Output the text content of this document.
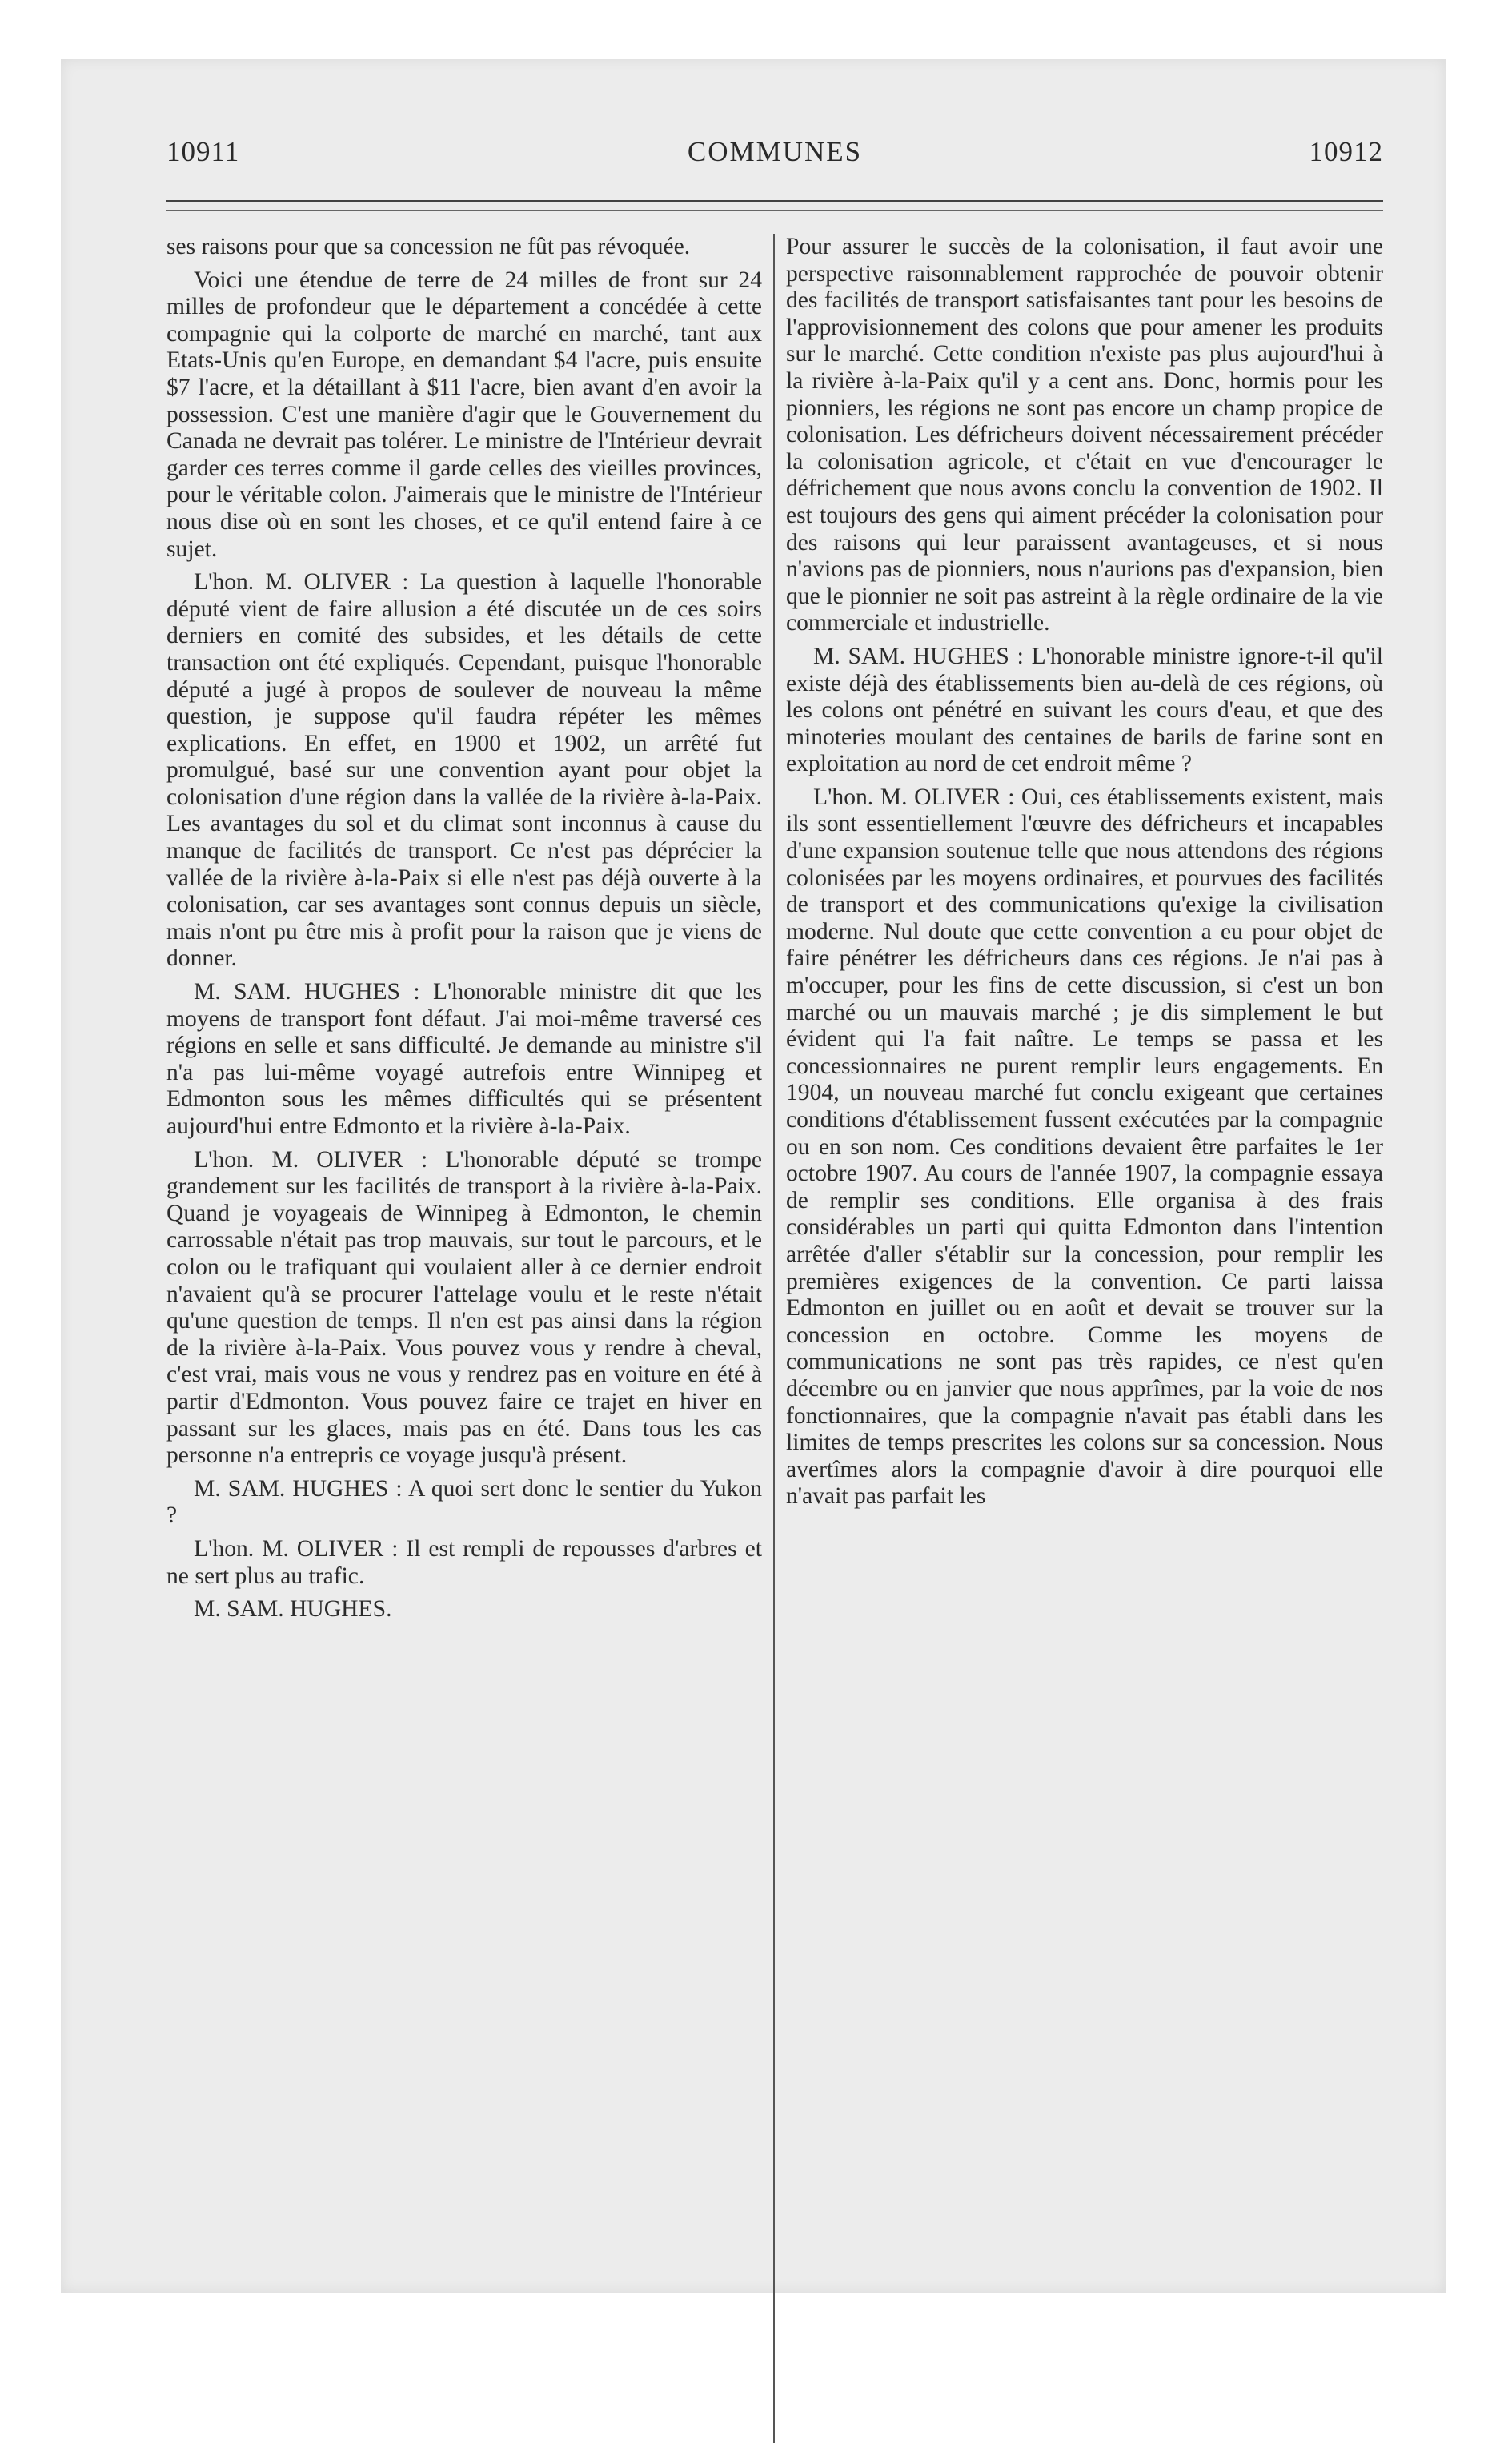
10911	COMMUNES	10912

ses raisons pour que sa concession ne fût pas révoquée.

Voici une étendue de terre de 24 milles de front sur 24 milles de profondeur que le département a concédée à cette compagnie qui la colporte de marché en marché, tant aux Etats-Unis qu'en Europe, en demandant $4 l'acre, puis ensuite $7 l'acre, et la détaillant à $11 l'acre, bien avant d'en avoir la possession. C'est une manière d'agir que le Gouvernement du Canada ne devrait pas tolérer. Le ministre de l'Intérieur devrait garder ces terres comme il garde celles des vieilles provinces, pour le véritable colon. J'aimerais que le ministre de l'Intérieur nous dise où en sont les choses, et ce qu'il entend faire à ce sujet.

L'hon. M. OLIVER : La question à laquelle l'honorable député vient de faire allusion a été discutée un de ces soirs derniers en comité des subsides, et les détails de cette transaction ont été expliqués. Cependant, puisque l'honorable député a jugé à propos de soulever de nouveau la même question, je suppose qu'il faudra répéter les mêmes explications. En effet, en 1900 et 1902, un arrêté fut promulgué, basé sur une convention ayant pour objet la colonisation d'une région dans la vallée de la rivière à-la-Paix. Les avantages du sol et du climat sont inconnus à cause du manque de facilités de transport. Ce n'est pas déprécier la vallée de la rivière à-la-Paix si elle n'est pas déjà ouverte à la colonisation, car ses avantages sont connus depuis un siècle, mais n'ont pu être mis à profit pour la raison que je viens de donner.

M. SAM. HUGHES : L'honorable ministre dit que les moyens de transport font défaut. J'ai moi-même traversé ces régions en selle et sans difficulté. Je demande au ministre s'il n'a pas lui-même voyagé autrefois entre Winnipeg et Edmonton sous les mêmes difficultés qui se présentent aujourd'hui entre Edmonto et la rivière à-la-Paix.

L'hon. M. OLIVER : L'honorable député se trompe grandement sur les facilités de transport à la rivière à-la-Paix. Quand je voyageais de Winnipeg à Edmonton, le chemin carrossable n'était pas trop mauvais, sur tout le parcours, et le colon ou le trafiquant qui voulaient aller à ce dernier endroit n'avaient qu'à se procurer l'attelage voulu et le reste n'était qu'une question de temps. Il n'en est pas ainsi dans la région de la rivière à-la-Paix. Vous pouvez vous y rendre à cheval, c'est vrai, mais vous ne vous y rendrez pas en voiture en été à partir d'Edmonton. Vous pouvez faire ce trajet en hiver en passant sur les glaces, mais pas en été. Dans tous les cas personne n'a entrepris ce voyage jusqu'à présent.

M. SAM. HUGHES : A quoi sert donc le sentier du Yukon ?

L'hon. M. OLIVER : Il est rempli de repousses d'arbres et ne sert plus au trafic.

M. SAM. HUGHES.

Pour assurer le succès de la colonisation, il faut avoir une perspective raisonnablement rapprochée de pouvoir obtenir des facilités de transport satisfaisantes tant pour les besoins de l'approvisionnement des colons que pour amener les produits sur le marché. Cette condition n'existe pas plus aujourd'hui à la rivière à-la-Paix qu'il y a cent ans. Donc, hormis pour les pionniers, les régions ne sont pas encore un champ propice de colonisation. Les défricheurs doivent nécessairement précéder la colonisation agricole, et c'était en vue d'encourager le défrichement que nous avons conclu la convention de 1902. Il est toujours des gens qui aiment précéder la colonisation pour des raisons qui leur paraissent avantageuses, et si nous n'avions pas de pionniers, nous n'aurions pas d'expansion, bien que le pionnier ne soit pas astreint à la règle ordinaire de la vie commerciale et industrielle.

M. SAM. HUGHES : L'honorable ministre ignore-t-il qu'il existe déjà des établissements bien au-delà de ces régions, où les colons ont pénétré en suivant les cours d'eau, et que des minoteries moulant des centaines de barils de farine sont en exploitation au nord de cet endroit même ?

L'hon. M. OLIVER : Oui, ces établissements existent, mais ils sont essentiellement l'œuvre des défricheurs et incapables d'une expansion soutenue telle que nous attendons des régions colonisées par les moyens ordinaires, et pourvues des facilités de transport et des communications qu'exige la civilisation moderne. Nul doute que cette convention a eu pour objet de faire pénétrer les défricheurs dans ces régions. Je n'ai pas à m'occuper, pour les fins de cette discussion, si c'est un bon marché ou un mauvais marché ; je dis simplement le but évident qui l'a fait naître. Le temps se passa et les concessionnaires ne purent remplir leurs engagements. En 1904, un nouveau marché fut conclu exigeant que certaines conditions d'établissement fussent exécutées par la compagnie ou en son nom. Ces conditions devaient être parfaites le 1er octobre 1907. Au cours de l'année 1907, la compagnie essaya de remplir ses conditions. Elle organisa à des frais considérables un parti qui quitta Edmonton dans l'intention arrêtée d'aller s'établir sur la concession, pour remplir les premières exigences de la convention. Ce parti laissa Edmonton en juillet ou en août et devait se trouver sur la concession en octobre. Comme les moyens de communications ne sont pas très rapides, ce n'est qu'en décembre ou en janvier que nous apprîmes, par la voie de nos fonctionnaires, que la compagnie n'avait pas établi dans les limites de temps prescrites les colons sur sa concession. Nous avertîmes alors la compagnie d'avoir à dire pourquoi elle n'avait pas parfait les
